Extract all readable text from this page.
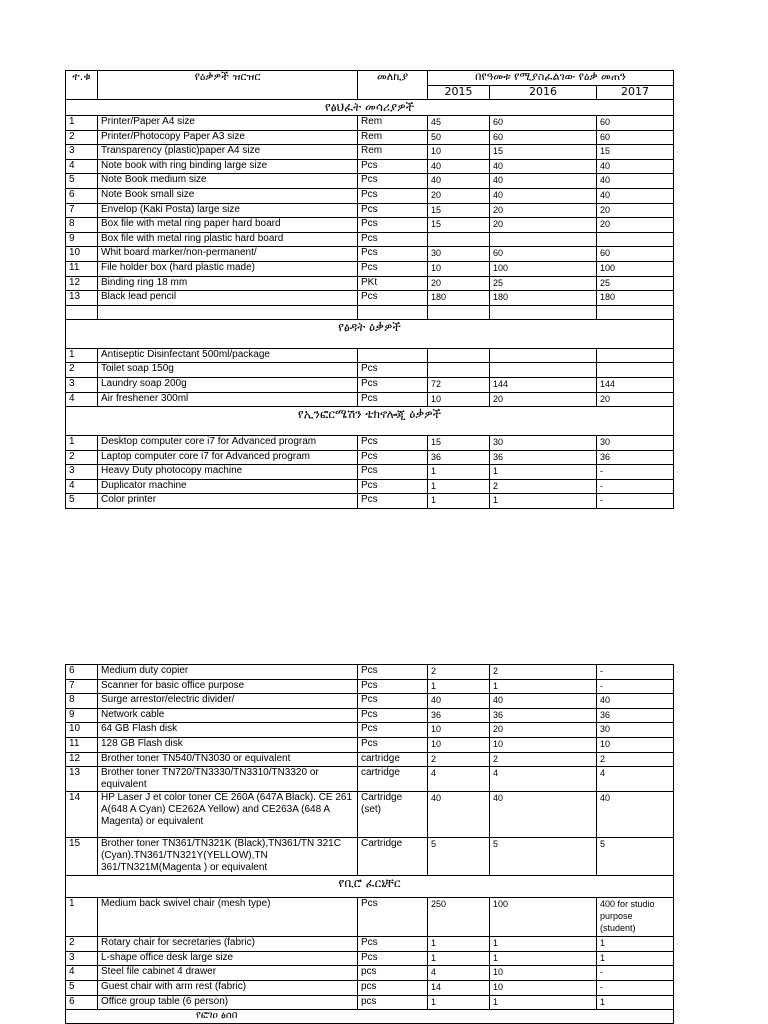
ተ.ቁ	የዕቃዎች ዝርዝር	መለኪያ	በየዓመቱ የሚያስፈልገው የዕቃ መጠን		
			2015	2016	2017
የፅህፈት መሳሪያዎች					
1	Printer/Paper A4 size	Rem	45	60	60
2	Printer/Photocopy Paper A3 size	Rem	50	60	60
3	Transparency (plastic)paper A4 size	Rem	10	15	15
4	Note book with ring binding large size	Pcs	40	40	40
5	Note Book medium size	Pcs	40	40	40
6	Note Book small size	Pcs	20	40	40
7	Envelop (Kaki Posta) large size	Pcs	15	20	20
8	Box file with metal ring paper hard board	Pcs	15	20	20
9	Box file with metal ring plastic hard board	Pcs			
10	Whit board marker/non-permanent/	Pcs	30	60	60
11	File holder box (hard plastic made)	Pcs	10	100	100
12	Binding ring 18 mm	PKt	20	25	25
13	Black lead pencil	Pcs	180	180	180

የፅዳት ዕቃዎች					
1	Antiseptic Disinfectant 500ml/package				
2	Toilet soap 150g	Pcs			
3	Laundry soap 200g	Pcs	72	144	144
4	Air freshener 300ml	Pcs	10	20	20
የኢንፎርሜሽን ቴክኖሎጂ ዕቃዎች					
1	Desktop computer core i7 for Advanced program	Pcs	15	30	30
2	Laptop computer core i7 for Advanced program	Pcs	36	36	36
3	Heavy Duty photocopy machine	Pcs	1	1	-
4	Duplicator machine	Pcs	1	2	-
5	Color printer	Pcs	1	1	-
6	Medium duty copier	Pcs	2	2	-
7	Scanner for basic office purpose	Pcs	1	1	-
8	Surge arrestor/electric divider/	Pcs	40	40	40
9	Network cable	Pcs	36	36	36
10	64 GB Flash disk	Pcs	10	20	30
11	128 GB Flash disk	Pcs	10	10	10
12	Brother toner TN540/TN3030 or equivalent	cartridge	2	2	2
13	Brother toner TN720/TN3330/TN3310/TN3320 or equivalent	cartridge	4	4	4
14	HP Laser J et color toner CE 260A (647A Black). CE 261 A(648 A Cyan) CE262A Yellow) and CE263A (648 A Magenta) or equivalent	Cartridge (set)	40	40	40
15	Brother toner TN361/TN321K (Black),TN361/TN 321C (Cyan).TN361/TN321Y(YELLOW),TN 361/TN321M(Magenta ) or equivalent	Cartridge	5	5	5
የቢሮ ፈርኒቸር					
1	Medium back swivel chair (mesh type)	Pcs	250	100	400 for studio purpose (student)
2	Rotary chair for secretaries (fabric)	Pcs	1	1	1
3	L-shape office desk large size	Pcs	1	1	1
4	Steel file cabinet 4 drawer	pcs	4	10	-
5	Guest chair with arm rest (fabric)	pcs	14	10	-
6	Office group table (6 person)	pcs	1	1	1
የፎገዐ ፅሰበ					
